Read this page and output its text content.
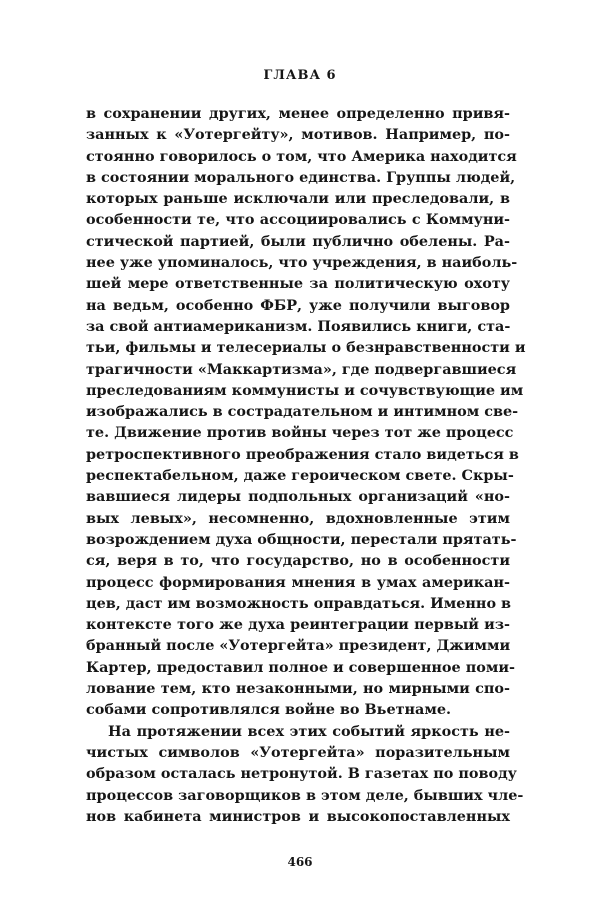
ГЛАВА 6
в сохранении других, менее определенно привя-
занных к «Уотергейту», мотивов. Например, по-
стоянно говорилось о том, что Америка находится
в состоянии морального единства. Группы людей,
которых раньше исключали или преследовали, в
особенности те, что ассоциировались с Коммуни-
стической партией, были публично обелены. Ра-
нее уже упоминалось, что учреждения, в наиболь-
шей мере ответственные за политическую охоту
на ведьм, особенно ФБР, уже получили выговор
за свой антиамериканизм. Появились книги, ста-
тьи, фильмы и телесериалы о безнравственности и
трагичности «Маккартизма», где подвергавшиеся
преследованиям коммунисты и сочувствующие им
изображались в сострадательном и интимном све-
те. Движение против войны через тот же процесс
ретроспективного преображения стало видеться в
респектабельном, даже героическом свете. Скры-
вавшиеся лидеры подпольных организаций «но-
вых левых», несомненно, вдохновленные этим
возрождением духа общности, перестали прятать-
ся, веря в то, что государство, но в особенности
процесс формирования мнения в умах американ-
цев, даст им возможность оправдаться. Именно в
контексте того же духа реинтеграции первый из-
бранный после «Уотергейта» президент, Джимми
Картер, предоставил полное и совершенное поми-
лование тем, кто незаконными, но мирными спо-
собами сопротивлялся войне во Вьетнаме.
На протяжении всех этих событий яркость не-
чистых символов «Уотергейта» поразительным
образом осталась нетронутой. В газетах по поводу
процессов заговорщиков в этом деле, бывших чле-
нов кабинета министров и высокопоставленных
466
